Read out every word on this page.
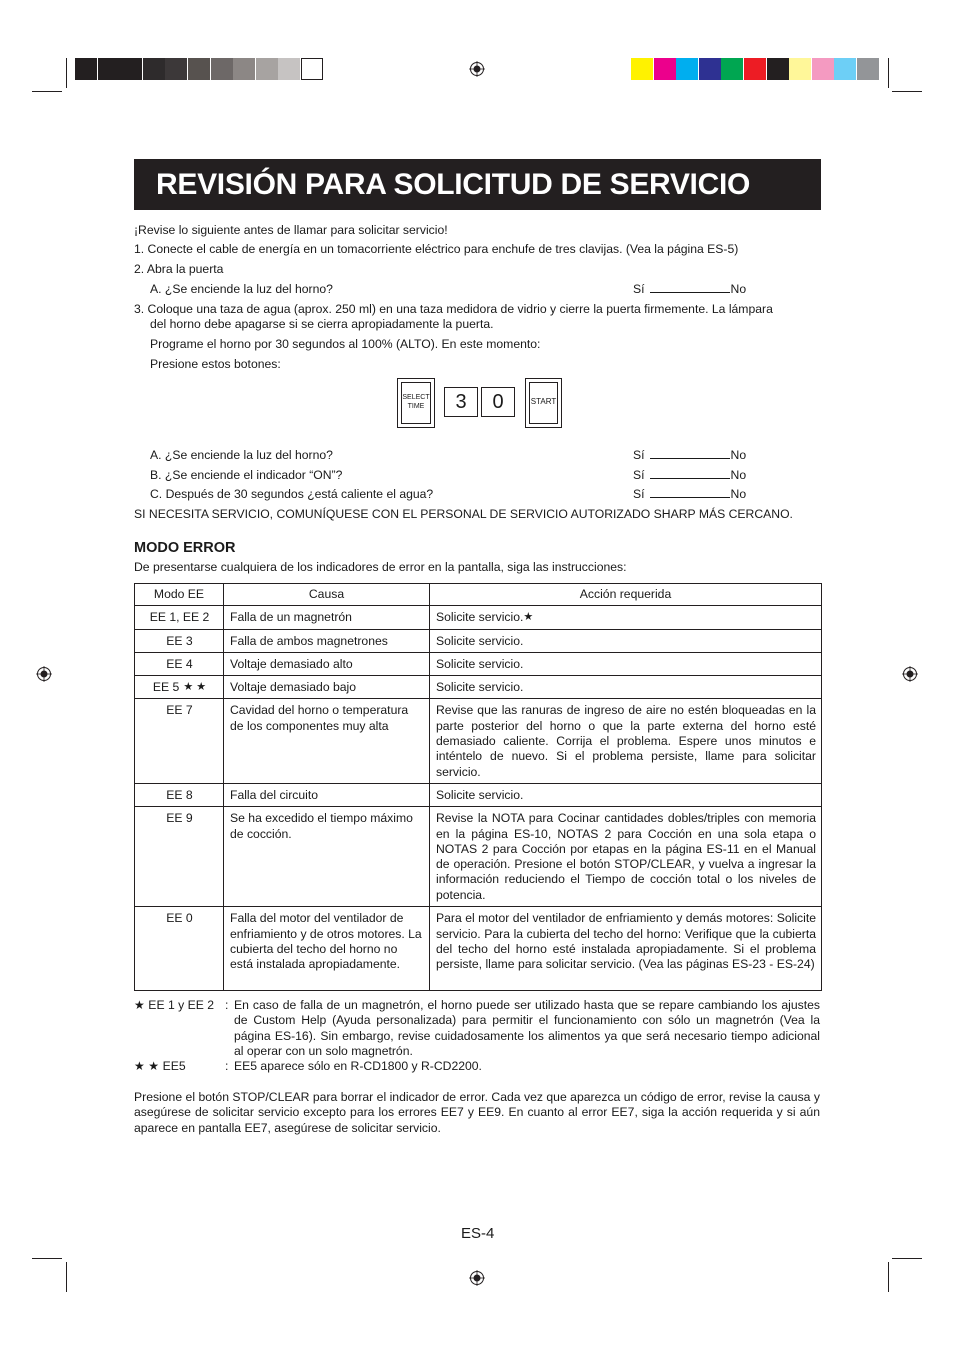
REVISIÓN PARA SOLICITUD DE SERVICIO
¡Revise lo siguiente antes de llamar para solicitar servicio!
1. Conecte el cable de energía en un tomacorriente eléctrico para enchufe de tres clavijas. (Vea la página ES-5)
2. Abra la puerta
A. ¿Se enciende la luz del horno?	Sí	No
3. Coloque una taza de agua (aprox. 250 ml) en una taza medidora de vidrio y cierre la puerta firmemente. La lámpara
del horno debe apagarse si se cierra apropiadamente la puerta.
Programe el horno por 30 segundos al 100% (ALTO). En este momento:
Presione estos botones:
SELECT
TIME	3	0	START
A. ¿Se enciende la luz del horno?	Sí	No
B. ¿Se enciende el indicador “ON”?	Sí	No
C. Después de 30 segundos ¿está caliente el agua?	Sí	No
SI NECESITA SERVICIO, COMUNÍQUESE CON EL PERSONAL DE SERVICIO AUTORIZADO SHARP MÁS CERCANO.
MODO ERROR
De presentarse cualquiera de los indicadores de error en la pantalla, siga las instrucciones:
Modo EE	Causa	Acción requerida
EE 1, EE 2	Falla de un magnetrón	Solicite servicio.★
EE 3	Falla de ambos magnetrones	Solicite servicio.
EE 4	Voltaje demasiado alto	Solicite servicio.
EE 5 ★ ★	Voltaje demasiado bajo	Solicite servicio.
EE 7	Cavidad del horno o temperatura de los componentes muy alta	Revise que las ranuras de ingreso de aire no estén bloqueadas en la parte posterior del horno o que la parte externa del horno esté demasiado caliente. Corrija el problema. Espere unos minutos e inténtelo de nuevo. Si el problema persiste, llame para solicitar servicio.
EE 8	Falla del circuito	Solicite servicio.
EE 9	Se ha excedido el tiempo máximo de cocción.	Revise la NOTA para Cocinar cantidades dobles/triples con memoria en la página ES-10, NOTAS 2 para Cocción en una sola etapa o NOTAS 2 para Cocción por etapas en la página ES-11 en el Manual de operación. Presione el botón STOP/CLEAR, y vuelva a ingresar la información reduciendo el Tiempo de cocción total o los niveles de potencia.
EE 0	Falla del motor del ventilador de enfriamiento y de otros motores. La cubierta del techo del horno no está instalada apropiadamente.	Para el motor del ventilador de enfriamiento y demás motores: Solicite servicio. Para la cubierta del techo del horno: Verifique que la cubierta del techo del horno esté instalada apropiadamente. Si el problema persiste, llame para solicitar servicio. (Vea las páginas ES-23 - ES-24)
★ EE 1 y EE 2 : En caso de falla de un magnetrón, el horno puede ser utilizado hasta que se repare cambiando los ajustes de Custom Help (Ayuda personalizada) para permitir el funcionamiento con sólo un magnetrón (Vea la página ES-16). Sin embargo, revise cuidadosamente los alimentos ya que será necesario tiempo adicional al operar con un solo magnetrón.
★ ★ EE5	: EE5 aparece sólo en R-CD1800 y R-CD2200.
Presione el botón STOP/CLEAR para borrar el indicador de error. Cada vez que aparezca un código de error, revise la causa y asegúrese de solicitar servicio excepto para los errores EE7 y EE9. En cuanto al error EE7, siga la acción requerida y si aún aparece en pantalla EE7, asegúrese de solicitar servicio.
ES-4
